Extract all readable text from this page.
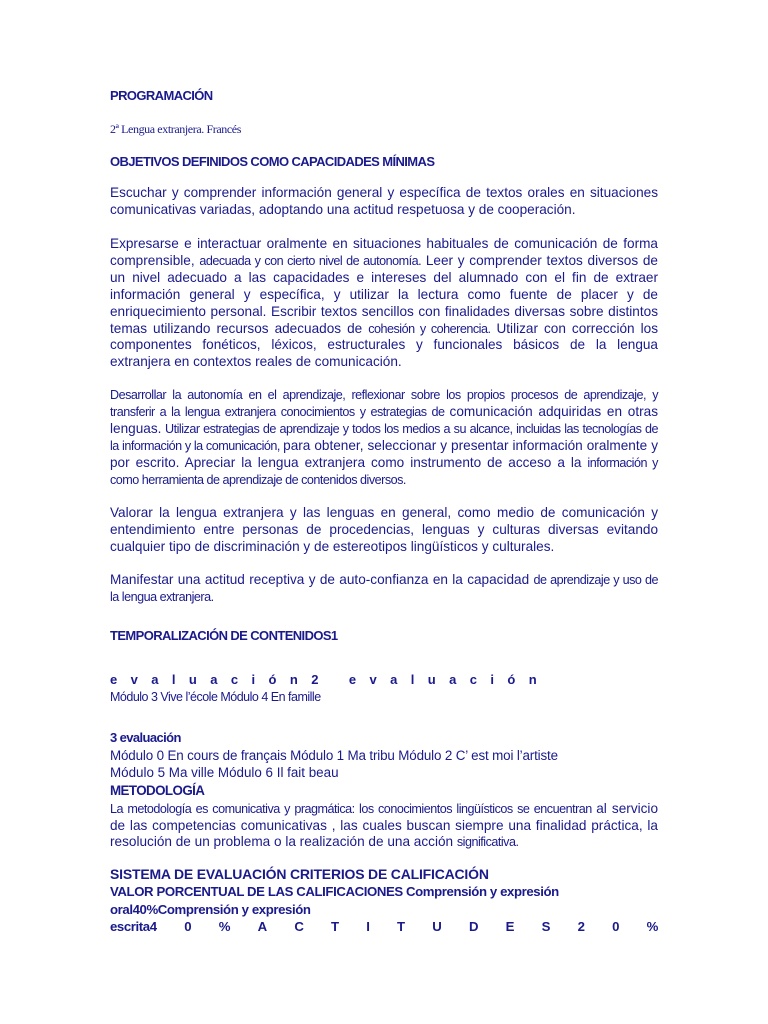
PROGRAMACIÓN
2ª Lengua extranjera. Francés
OBJETIVOS DEFINIDOS COMO CAPACIDADES MÍNIMAS

Escuchar y comprender información general y específica de textos orales en situaciones comunicativas variadas, adoptando una actitud respetuosa y de cooperación.

Expresarse e interactuar oralmente en situaciones habituales de comunicación de forma comprensible, adecuada y con cierto nivel de autonomía. Leer y comprender textos diversos de un nivel adecuado a las capacidades e intereses del alumnado con el fin de extraer información general y específica, y utilizar la lectura como fuente de placer y de enriquecimiento personal. Escribir textos sencillos con finalidades diversas sobre distintos temas utilizando recursos adecuados de cohesión y coherencia. Utilizar con corrección los componentes fonéticos, léxicos, estructurales y funcionales básicos de la lengua extranjera en contextos reales de comunicación.

Desarrollar la autonomía en el aprendizaje, reflexionar sobre los propios procesos de aprendizaje, y transferir a la lengua extranjera conocimientos y estrategias de comunicación adquiridas en otras lenguas. Utilizar estrategias de aprendizaje y todos los medios a su alcance, incluidas las tecnologías de la información y la comunicación, para obtener, seleccionar y presentar información oralmente y por escrito. Apreciar la lengua extranjera como instrumento de acceso a la información y como herramienta de aprendizaje de contenidos diversos.

Valorar la lengua extranjera y las lenguas en general, como medio de comunicación y entendimiento entre personas de procedencias, lenguas y culturas diversas evitando cualquier tipo de discriminación y de estereotipos lingüísticos y culturales.

Manifestar una actitud receptiva y de auto-confianza en la capacidad de aprendizaje y uso de la lengua extranjera.

TEMPORALIZACIÓN DE CONTENIDOS1
evaluación2 evaluación
Módulo 3 Vive l’école Módulo 4 En famille
3 evaluación
Módulo 0 En cours de français Módulo 1 Ma tribu Módulo 2 C’ est moi l’artiste
Módulo 5 Ma ville Módulo 6 Il fait beau
METODOLOGÍA

La metodología es comunicativa y pragmática: los conocimientos lingüísticos se encuentran al servicio de las competencias comunicativas , las cuales buscan siempre una finalidad práctica, la resolución de un problema o la realización de una acción significativa.

SISTEMA DE EVALUACIÓN CRITERIOS DE CALIFICACIÓN
VALOR PORCENTUAL DE LAS CALIFICACIONES Comprensión y expresión
oral40%Comprensión y expresión
escrita4 0 % A C T I T U D E S 2 0 %
